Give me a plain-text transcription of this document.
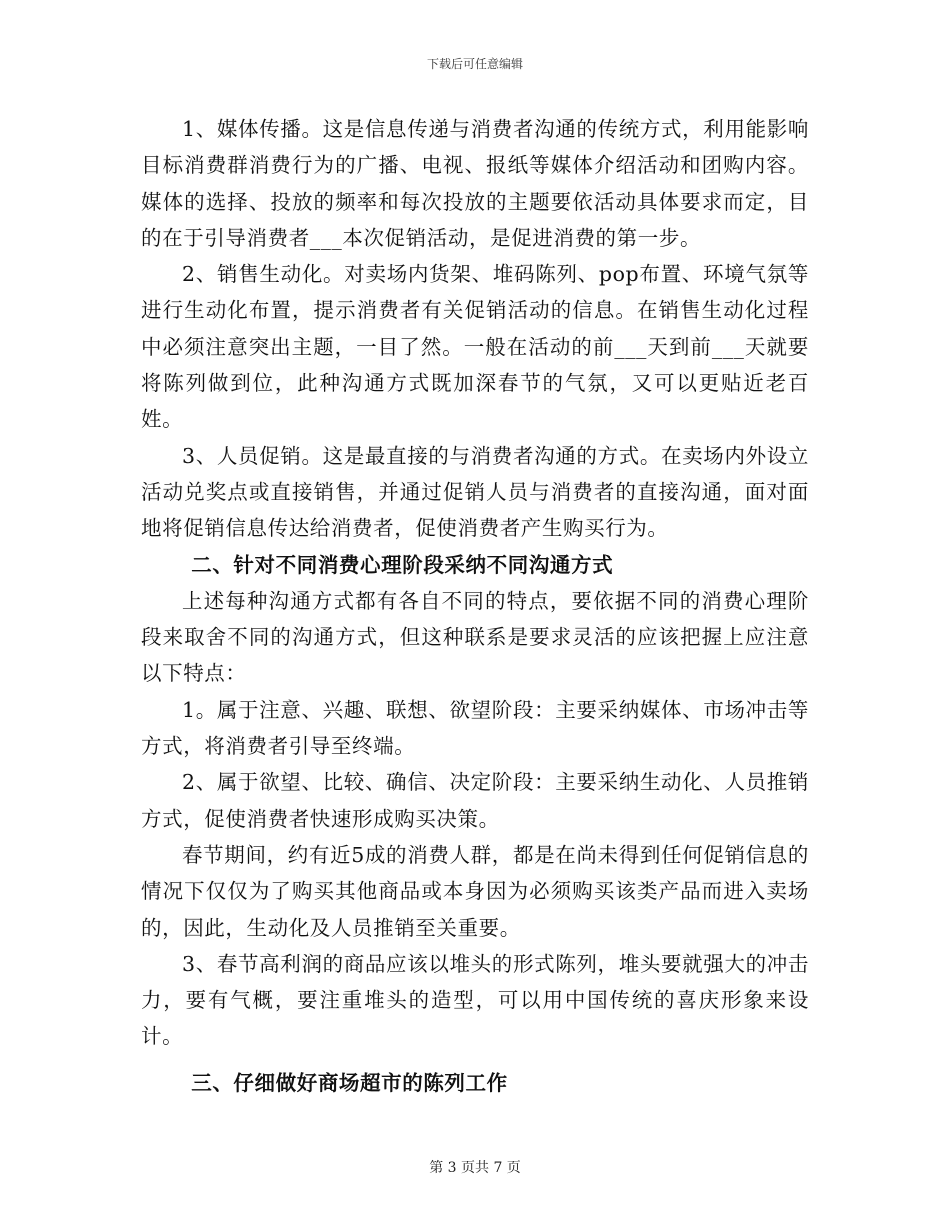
下载后可任意编辑

1、媒体传播。这是信息传递与消费者沟通的传统方式，利用能影响目标消费群消费行为的广播、电视、报纸等媒体介绍活动和团购内容。媒体的选择、投放的频率和每次投放的主题要依活动具体要求而定，目的在于引导消费者___本次促销活动，是促进消费的第一步。

2、销售生动化。对卖场内货架、堆码陈列、pop布置、环境气氛等进行生动化布置，提示消费者有关促销活动的信息。在销售生动化过程中必须注意突出主题，一目了然。一般在活动的前___天到前___天就要将陈列做到位，此种沟通方式既加深春节的气氛，又可以更贴近老百姓。

3、人员促销。这是最直接的与消费者沟通的方式。在卖场内外设立活动兑奖点或直接销售，并通过促销人员与消费者的直接沟通，面对面地将促销信息传达给消费者，促使消费者产生购买行为。

二、针对不同消费心理阶段采纳不同沟通方式

上述每种沟通方式都有各自不同的特点，要依据不同的消费心理阶段来取舍不同的沟通方式，但这种联系是要求灵活的应该把握上应注意以下特点：

1。属于注意、兴趣、联想、欲望阶段：主要采纳媒体、市场冲击等方式，将消费者引导至终端。

2、属于欲望、比较、确信、决定阶段：主要采纳生动化、人员推销方式，促使消费者快速形成购买决策。

春节期间，约有近5成的消费人群，都是在尚未得到任何促销信息的情况下仅仅为了购买其他商品或本身因为必须购买该类产品而进入卖场的，因此，生动化及人员推销至关重要。

3、春节高利润的商品应该以堆头的形式陈列，堆头要就强大的冲击力，要有气概，要注重堆头的造型，可以用中国传统的喜庆形象来设计。

三、仔细做好商场超市的陈列工作

第 3 页共 7 页
